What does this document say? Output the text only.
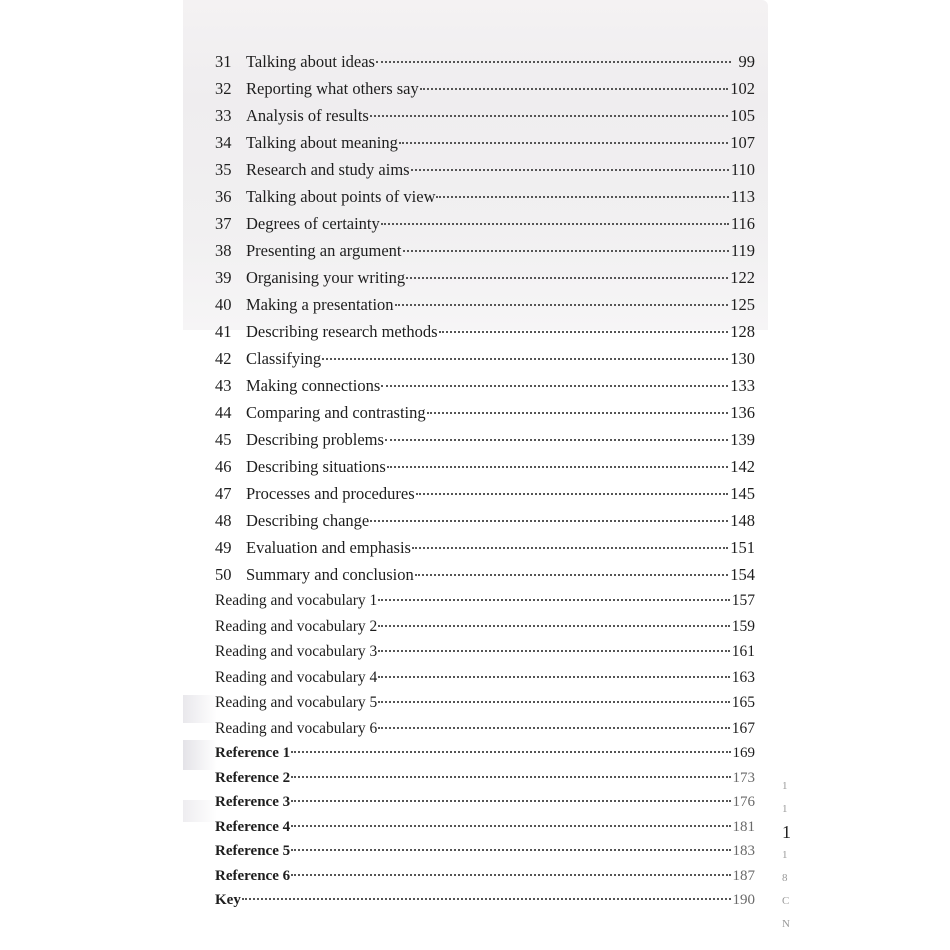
31 Talking about ideas	99
32 Reporting what others say	102
33 Analysis of results	105
34 Talking about meaning	107
35 Research and study aims	110
36 Talking about points of view	113
37 Degrees of certainty	116
38 Presenting an argument	119
39 Organising your writing	122
40 Making a presentation	125
41 Describing research methods	128
42 Classifying	130
43 Making connections	133
44 Comparing and contrasting	136
45 Describing problems	139
46 Describing situations	142
47 Processes and procedures	145
48 Describing change	148
49 Evaluation and emphasis	151
50 Summary and conclusion	154
Reading and vocabulary 1	157
Reading and vocabulary 2	159
Reading and vocabulary 3	161
Reading and vocabulary 4	163
Reading and vocabulary 5	165
Reading and vocabulary 6	167
Reference 1	169
Reference 2	173
Reference 3	176
Reference 4	181
Reference 5	183
Reference 6	187
Key	190
1
1
1
1
8
C
N
